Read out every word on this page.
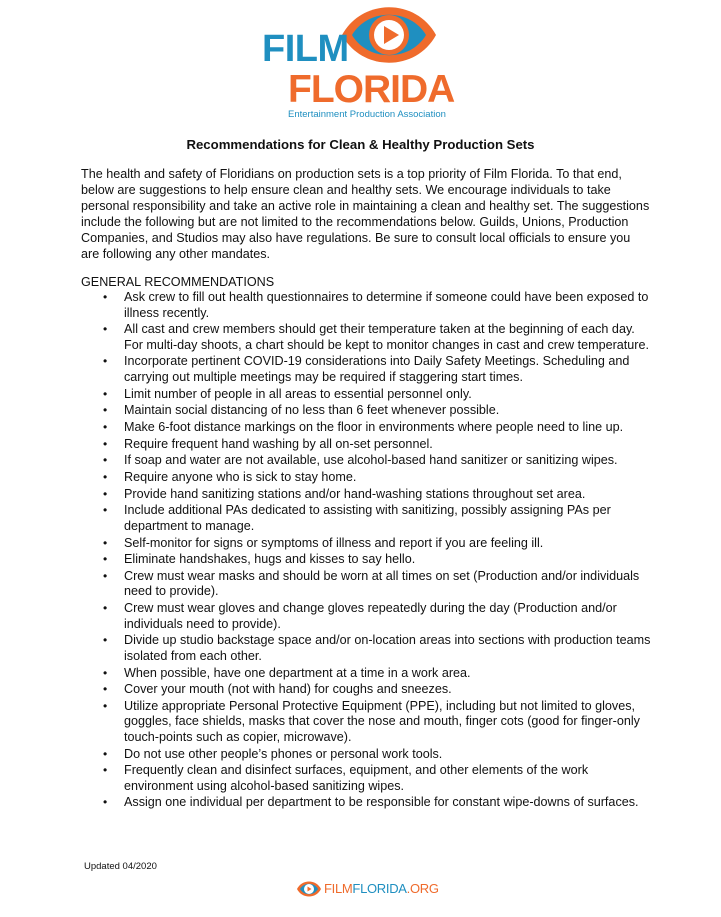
FILM
FLORIDA
Entertainment Production Association
Recommendations for Clean & Healthy Production Sets

The health and safety of Floridians on production sets is a top priority of Film Florida. To that end, below are suggestions to help ensure clean and healthy sets. We encourage individuals to take personal responsibility and take an active role in maintaining a clean and healthy set. The suggestions include the following but are not limited to the recommendations below. Guilds, Unions, Production Companies, and Studios may also have regulations. Be sure to consult local officials to ensure you are following any other mandates.

GENERAL RECOMMENDATIONS
•	Ask crew to fill out health questionnaires to determine if someone could have been exposed to illness recently.
•	All cast and crew members should get their temperature taken at the beginning of each day. For multi-day shoots, a chart should be kept to monitor changes in cast and crew temperature.
•	Incorporate pertinent COVID-19 considerations into Daily Safety Meetings. Scheduling and carrying out multiple meetings may be required if staggering start times.
•	Limit number of people in all areas to essential personnel only.
•	Maintain social distancing of no less than 6 feet whenever possible.
•	Make 6-foot distance markings on the floor in environments where people need to line up.
•	Require frequent hand washing by all on-set personnel.
•	If soap and water are not available, use alcohol-based hand sanitizer or sanitizing wipes.
•	Require anyone who is sick to stay home.
•	Provide hand sanitizing stations and/or hand-washing stations throughout set area.
•	Include additional PAs dedicated to assisting with sanitizing, possibly assigning PAs per department to manage.
•	Self-monitor for signs or symptoms of illness and report if you are feeling ill.
•	Eliminate handshakes, hugs and kisses to say hello.
•	Crew must wear masks and should be worn at all times on set (Production and/or individuals need to provide).
•	Crew must wear gloves and change gloves repeatedly during the day (Production and/or individuals need to provide).
•	Divide up studio backstage space and/or on-location areas into sections with production teams isolated from each other.
•	When possible, have one department at a time in a work area.
•	Cover your mouth (not with hand) for coughs and sneezes.
•	Utilize appropriate Personal Protective Equipment (PPE), including but not limited to gloves, goggles, face shields, masks that cover the nose and mouth, finger cots (good for finger-only touch-points such as copier, microwave).
•	Do not use other people’s phones or personal work tools.
•	Frequently clean and disinfect surfaces, equipment, and other elements of the work environment using alcohol-based sanitizing wipes.
•	Assign one individual per department to be responsible for constant wipe-downs of surfaces.
Updated 04/2020
FILMFLORIDA.ORG
